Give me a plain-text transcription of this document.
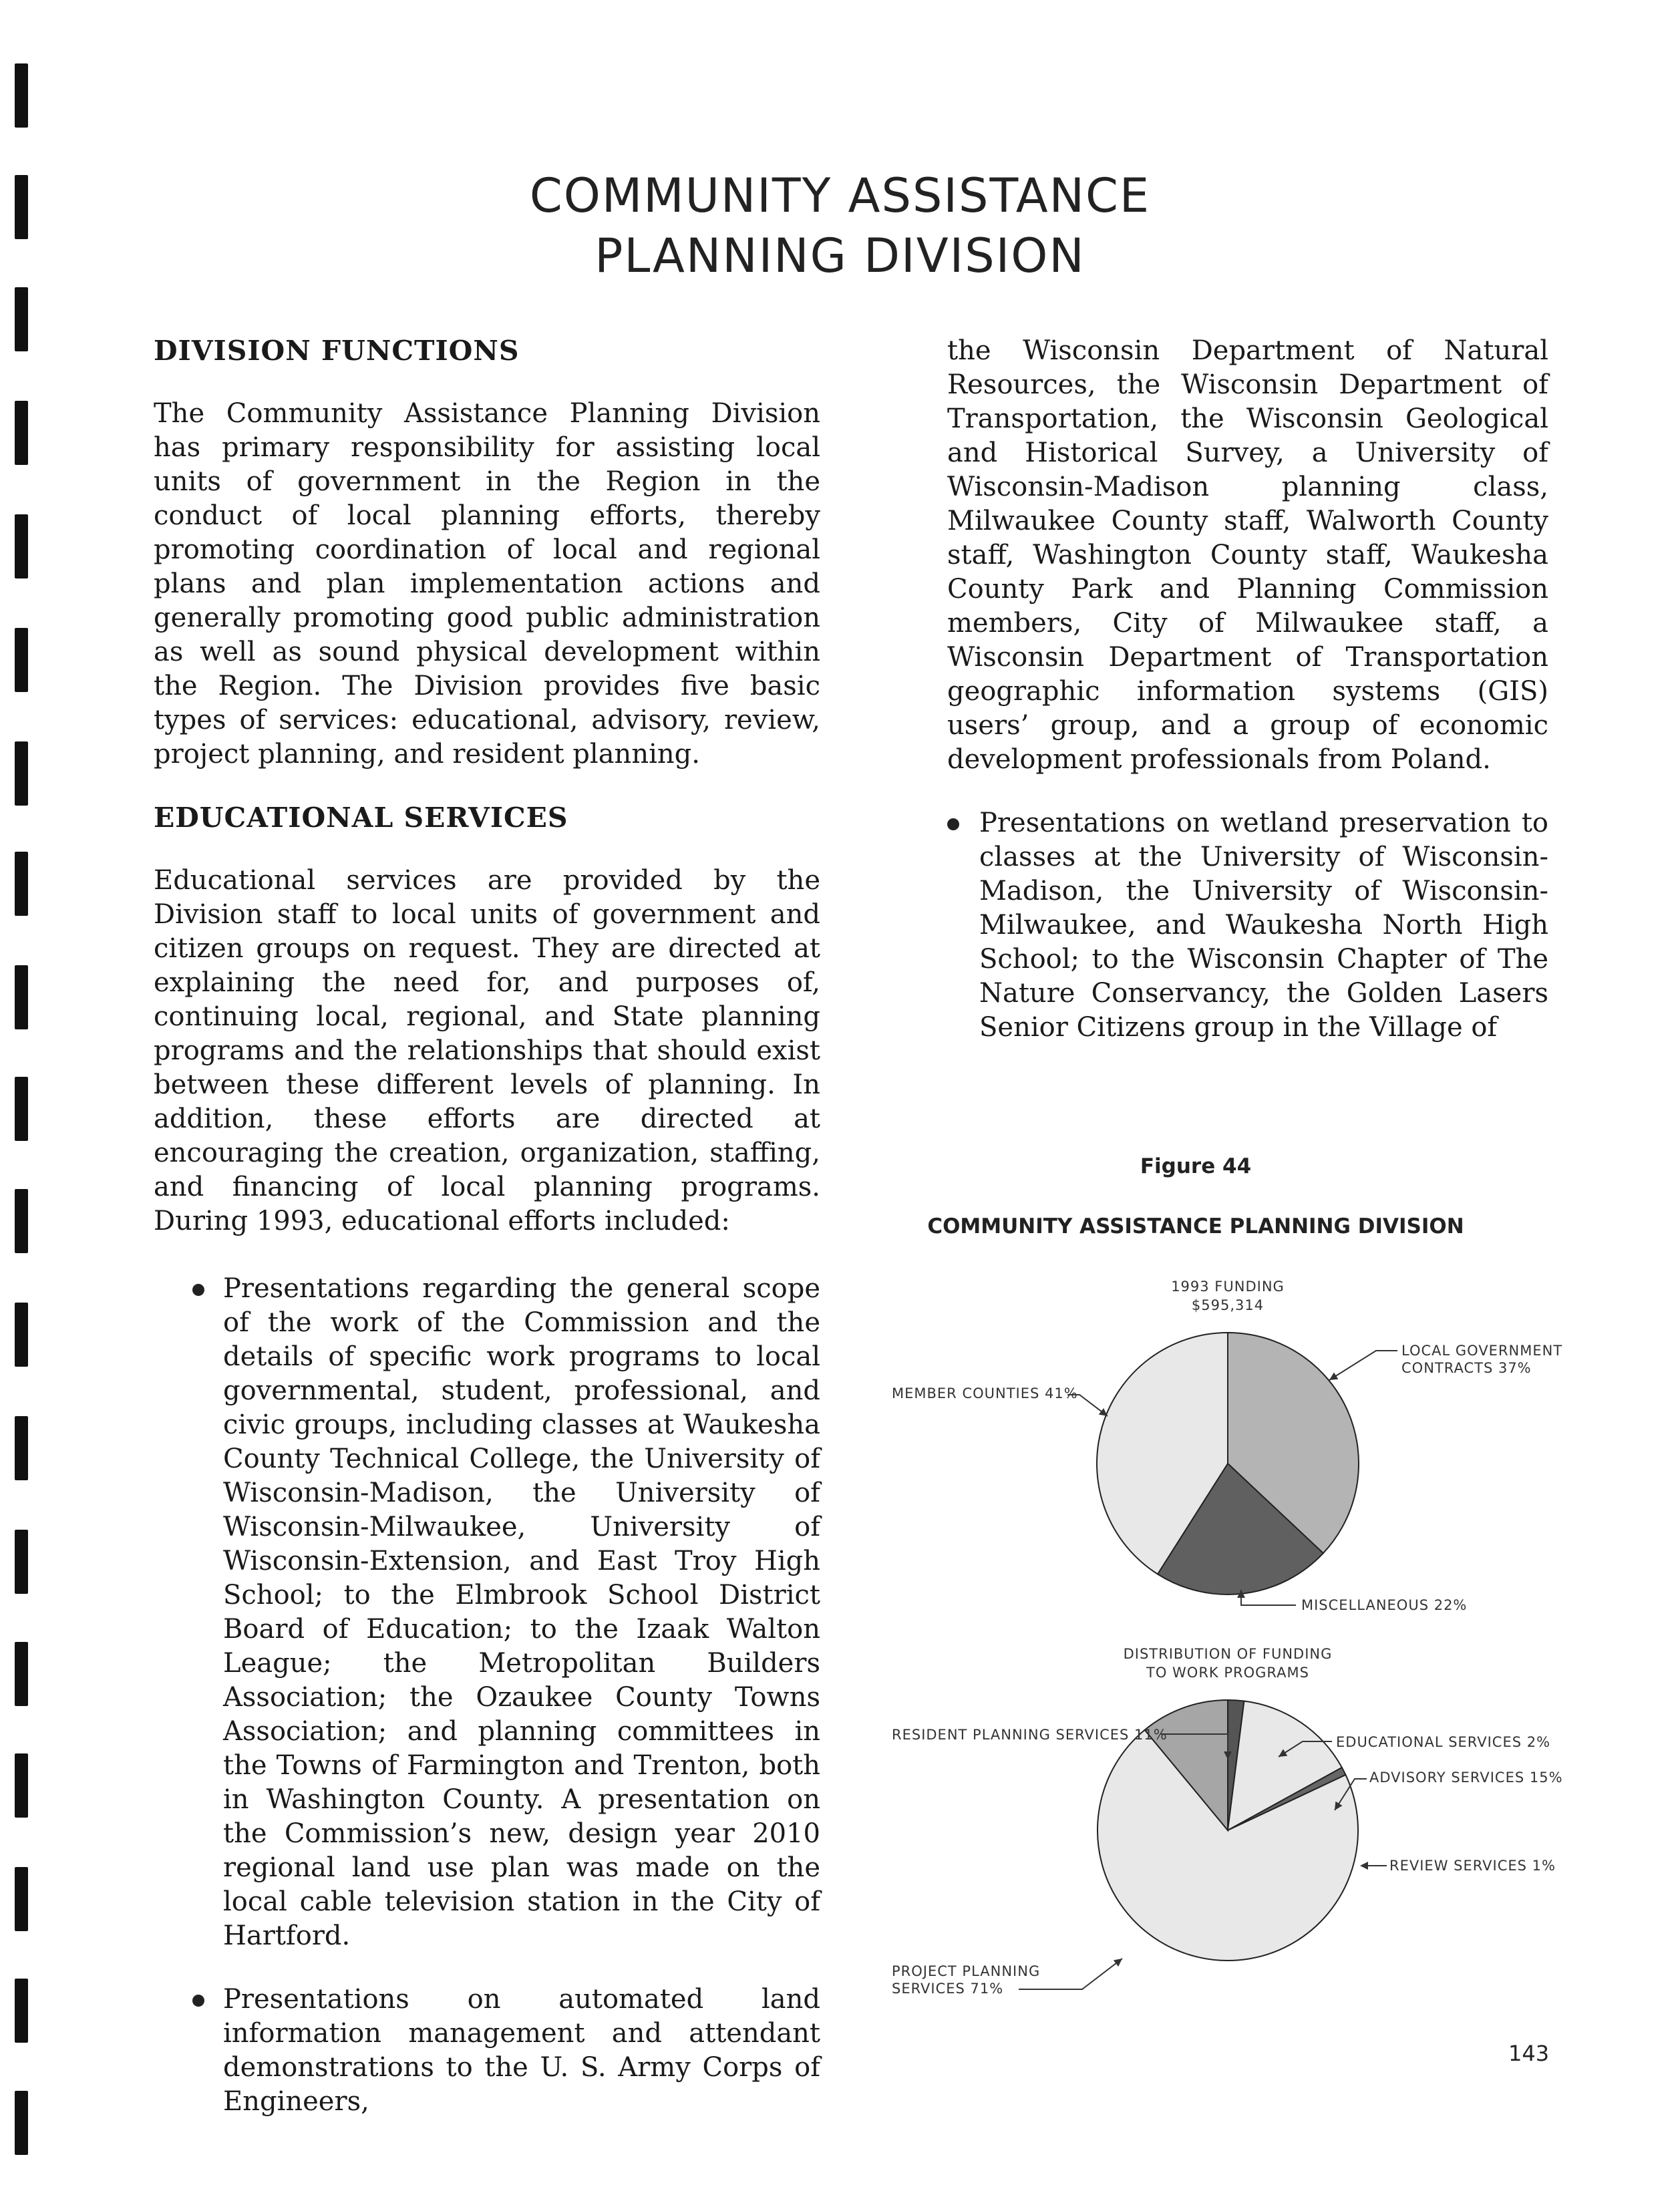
COMMUNITY ASSISTANCE
PLANNING DIVISION
DIVISION FUNCTIONS

The Community Assistance Planning Division has primary responsibility for assisting local units of government in the Region in the conduct of local planning efforts, thereby promoting coordination of local and regional plans and plan implementation actions and generally promoting good public administration as well as sound physical development within the Region. The Division provides five basic types of services: educational, advisory, review, project planning, and resident planning.

EDUCATIONAL SERVICES

Educational services are provided by the Division staff to local units of government and citizen groups on request. They are directed at explaining the need for, and purposes of, continuing local, regional, and State planning programs and the relationships that should exist between these different levels of planning. In addition, these efforts are directed at encouraging the creation, organization, staffing, and financing of local planning programs. During 1993, educational efforts included:

Presentations regarding the general scope of the work of the Commission and the details of specific work programs to local governmental, student, professional, and civic groups, including classes at Waukesha County Technical College, the University of Wisconsin-Madison, the University of Wisconsin-Milwaukee, University of Wisconsin-Extension, and East Troy High School; to the Elmbrook School District Board of Education; to the Izaak Walton League; the Metropolitan Builders Association; the Ozaukee County Towns Association; and planning committees in the Towns of Farmington and Trenton, both in Washington County. A presentation on the Commission’s new, design year 2010 regional land use plan was made on the local cable television station in the City of Hartford.
Presentations on automated land information management and attendant demonstrations to the U. S. Army Corps of Engineers,

the Wisconsin Department of Natural Resources, the Wisconsin Department of Transportation, the Wisconsin Geological and Historical Survey, a University of Wisconsin-Madison planning class, Milwaukee County staff, Walworth County staff, Washington County staff, Waukesha County Park and Planning Commission members, City of Milwaukee staff, a Wisconsin Department of Transportation geographic information systems (GIS) users’ group, and a group of economic development professionals from Poland.

Presentations on wetland preservation to classes at the University of Wisconsin-Madison, the University of Wisconsin-Milwaukee, and Waukesha North High School; to the Wisconsin Chapter of The Nature Conservancy, the Golden Lasers Senior Citizens group in the Village of
Figure 44
COMMUNITY ASSISTANCE PLANNING DIVISION
1993 FUNDING
$595,314
LOCAL GOVERNMENT
CONTRACTS 37%
MISCELLANEOUS 22%
MEMBER COUNTIES 41%
DISTRIBUTION OF FUNDING
TO WORK PROGRAMS
EDUCATIONAL SERVICES 2%
ADVISORY SERVICES 15%
REVIEW SERVICES 1%
PROJECT PLANNING
SERVICES 71%
RESIDENT PLANNING SERVICES 11%
143
